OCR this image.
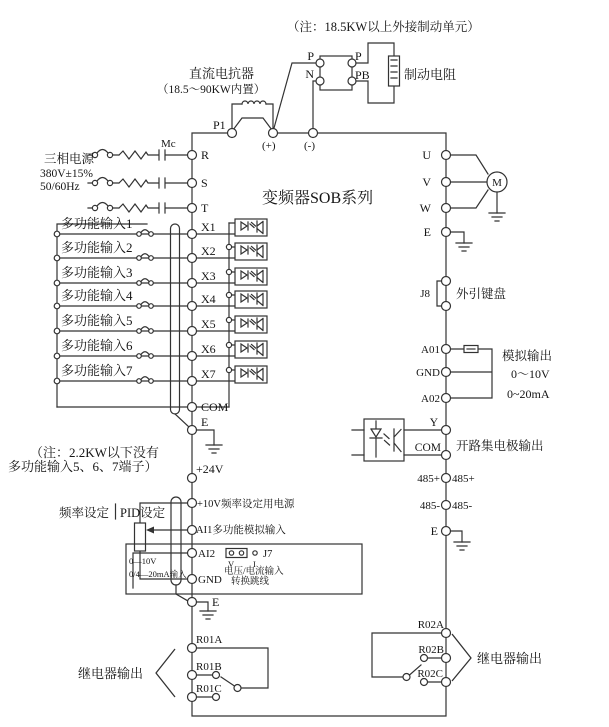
（注：18.5KW以上外接制动单元）
直流电抗器
（18.5～90KW内置）
P1
(+)	(-)
P
N
P
PB	制动电阻
三相电源
380V±15%
50/60Hz
Mc
R
S
T
变频器SOB系列
多功能输入1	X1
多功能输入2	X2
多功能输入3	X3
多功能输入4	X4
多功能输入5	X5
多功能输入6	X6
多功能输入7	X7
COM
E
+24V
（注：2.2KW以下没有
多功能输入5、6、7端子）
+10V频率设定用电源
AI1多功能模拟输入
频率设定 PID设定
AI2
GND
0—10V
0/4—20mA输入
V I
J7
电压/电流输入
转换跳线
E
R01A
R01B
R01C
继电器输出
U
V
W
M
E
J8 外引键盘
A01
GND
A02
模拟输出
0～10V
0~20mA
Y
COM 开路集电极输出
485+ 485+
485- 485-
E
R02A
R02B
R02C
继电器输出
